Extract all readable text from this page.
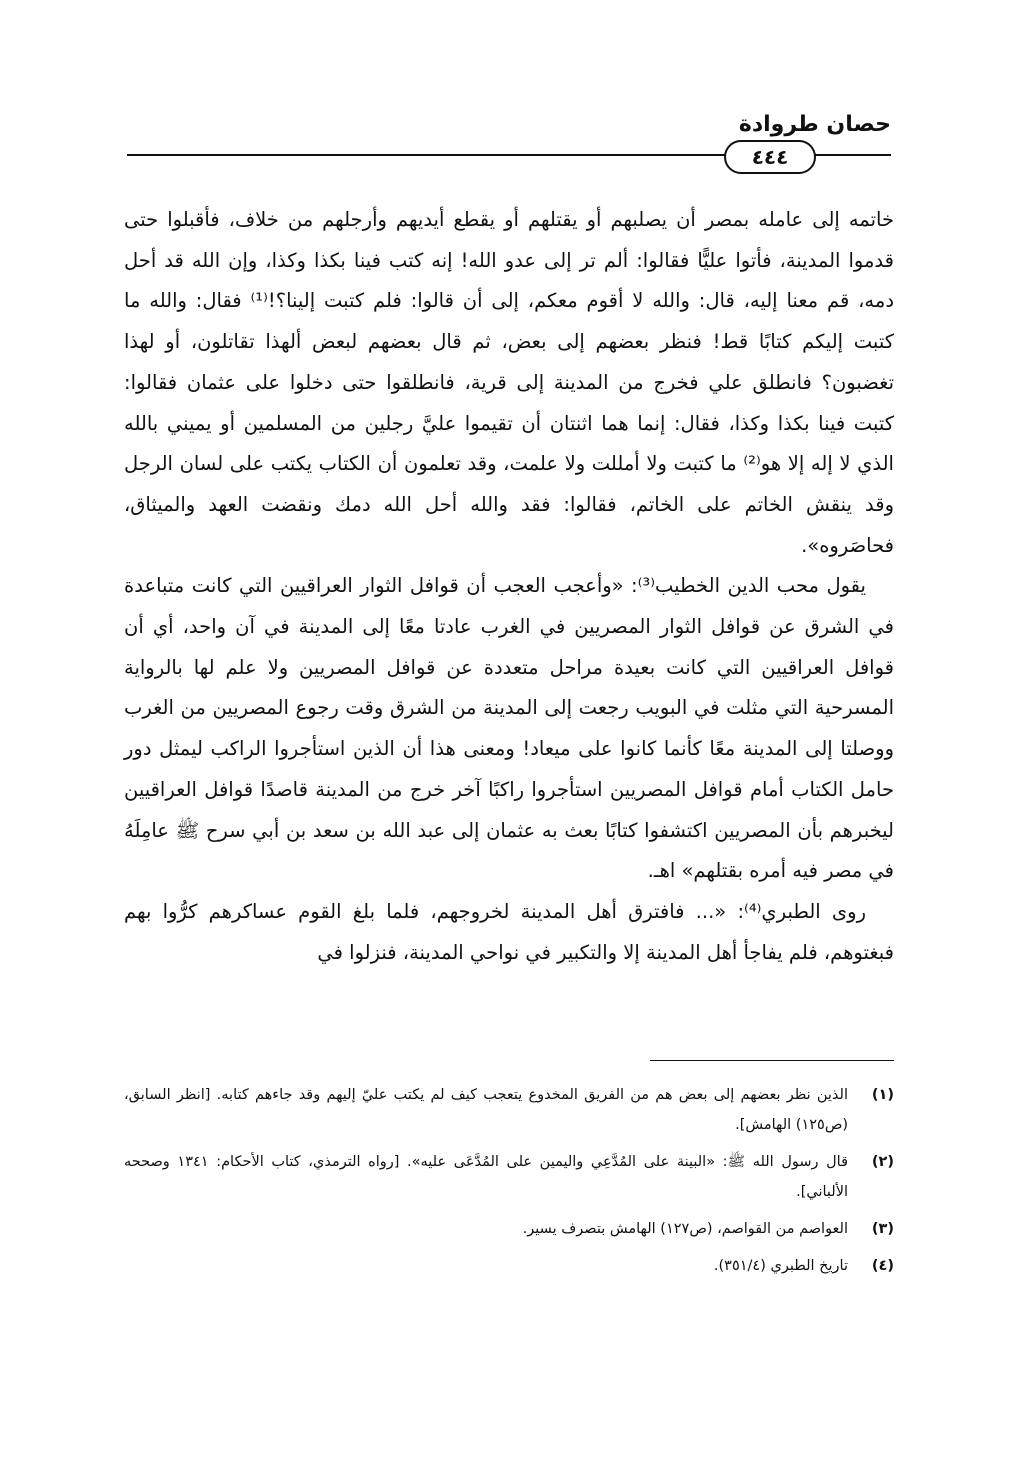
حصان طروادة
٤٤٤

خاتمه إلى عامله بمصر أن يصلبهم أو يقتلهم أو يقطع أيديهم وأرجلهم من خلاف، فأقبلوا حتى قدموا المدينة، فأتوا عليًّا فقالوا: ألم تر إلى عدو الله! إنه كتب فينا بكذا وكذا، وإن الله قد أحل دمه، قم معنا إليه، قال: والله لا أقوم معكم، إلى أن قالوا: فلم كتبت إلينا؟!⁽¹⁾ فقال: والله ما كتبت إليكم كتابًا قط! فنظر بعضهم إلى بعض، ثم قال بعضهم لبعض ألهذا تقاتلون، أو لهذا تغضبون؟ فانطلق علي فخرج من المدينة إلى قرية، فانطلقوا حتى دخلوا على عثمان فقالوا: كتبت فينا بكذا وكذا، فقال: إنما هما اثنتان أن تقيموا عليَّ رجلين من المسلمين أو يميني بالله الذي لا إله إلا هو⁽²⁾ ما كتبت ولا أمللت ولا علمت، وقد تعلمون أن الكتاب يكتب على لسان الرجل وقد ينقش الخاتم على الخاتم، فقالوا: فقد والله أحل الله دمك ونقضت العهد والميثاق، فحاصَروه».

يقول محب الدين الخطيب⁽³⁾: «وأعجب العجب أن قوافل الثوار العراقيين التي كانت متباعدة في الشرق عن قوافل الثوار المصريين في الغرب عادتا معًا إلى المدينة في آن واحد، أي أن قوافل العراقيين التي كانت بعيدة مراحل متعددة عن قوافل المصريين ولا علم لها بالرواية المسرحية التي مثلت في البويب رجعت إلى المدينة من الشرق وقت رجوع المصريين من الغرب ووصلتا إلى المدينة معًا كأنما كانوا على ميعاد! ومعنى هذا أن الذين استأجروا الراكب ليمثل دور حامل الكتاب أمام قوافل المصريين استأجروا راكبًا آخر خرج من المدينة قاصدًا قوافل العراقيين ليخبرهم بأن المصريين اكتشفوا كتابًا بعث به عثمان إلى عبد الله بن سعد بن أبي سرح ﷺ عامِلَهُ في مصر فيه أمره بقتلهم» اهـ.

روى الطبري⁽⁴⁾: «... فافترق أهل المدينة لخروجهم، فلما بلغ القوم عساكرهم كرُّوا بهم فبغتوهم، فلم يفاجأ أهل المدينة إلا والتكبير في نواحي المدينة، فنزلوا في

(١)
الذين نظر بعضهم إلى بعض هم من الفريق المخدوع يتعجب كيف لم يكتب عليّ إليهم وقد جاءهم كتابه. [انظر السابق، (ص١٢٥) الهامش].
(٢)
قال رسول الله ﷺ: «البينة على المُدَّعِي واليمين على المُدَّعَى عليه». [رواه الترمذي، كتاب الأحكام: ١٣٤١ وصححه الألباني].
(٣)
العواصم من القواصم، (ص١٢٧) الهامش بتصرف يسير.
(٤)
تاريخ الطبري (٣٥١/٤).
